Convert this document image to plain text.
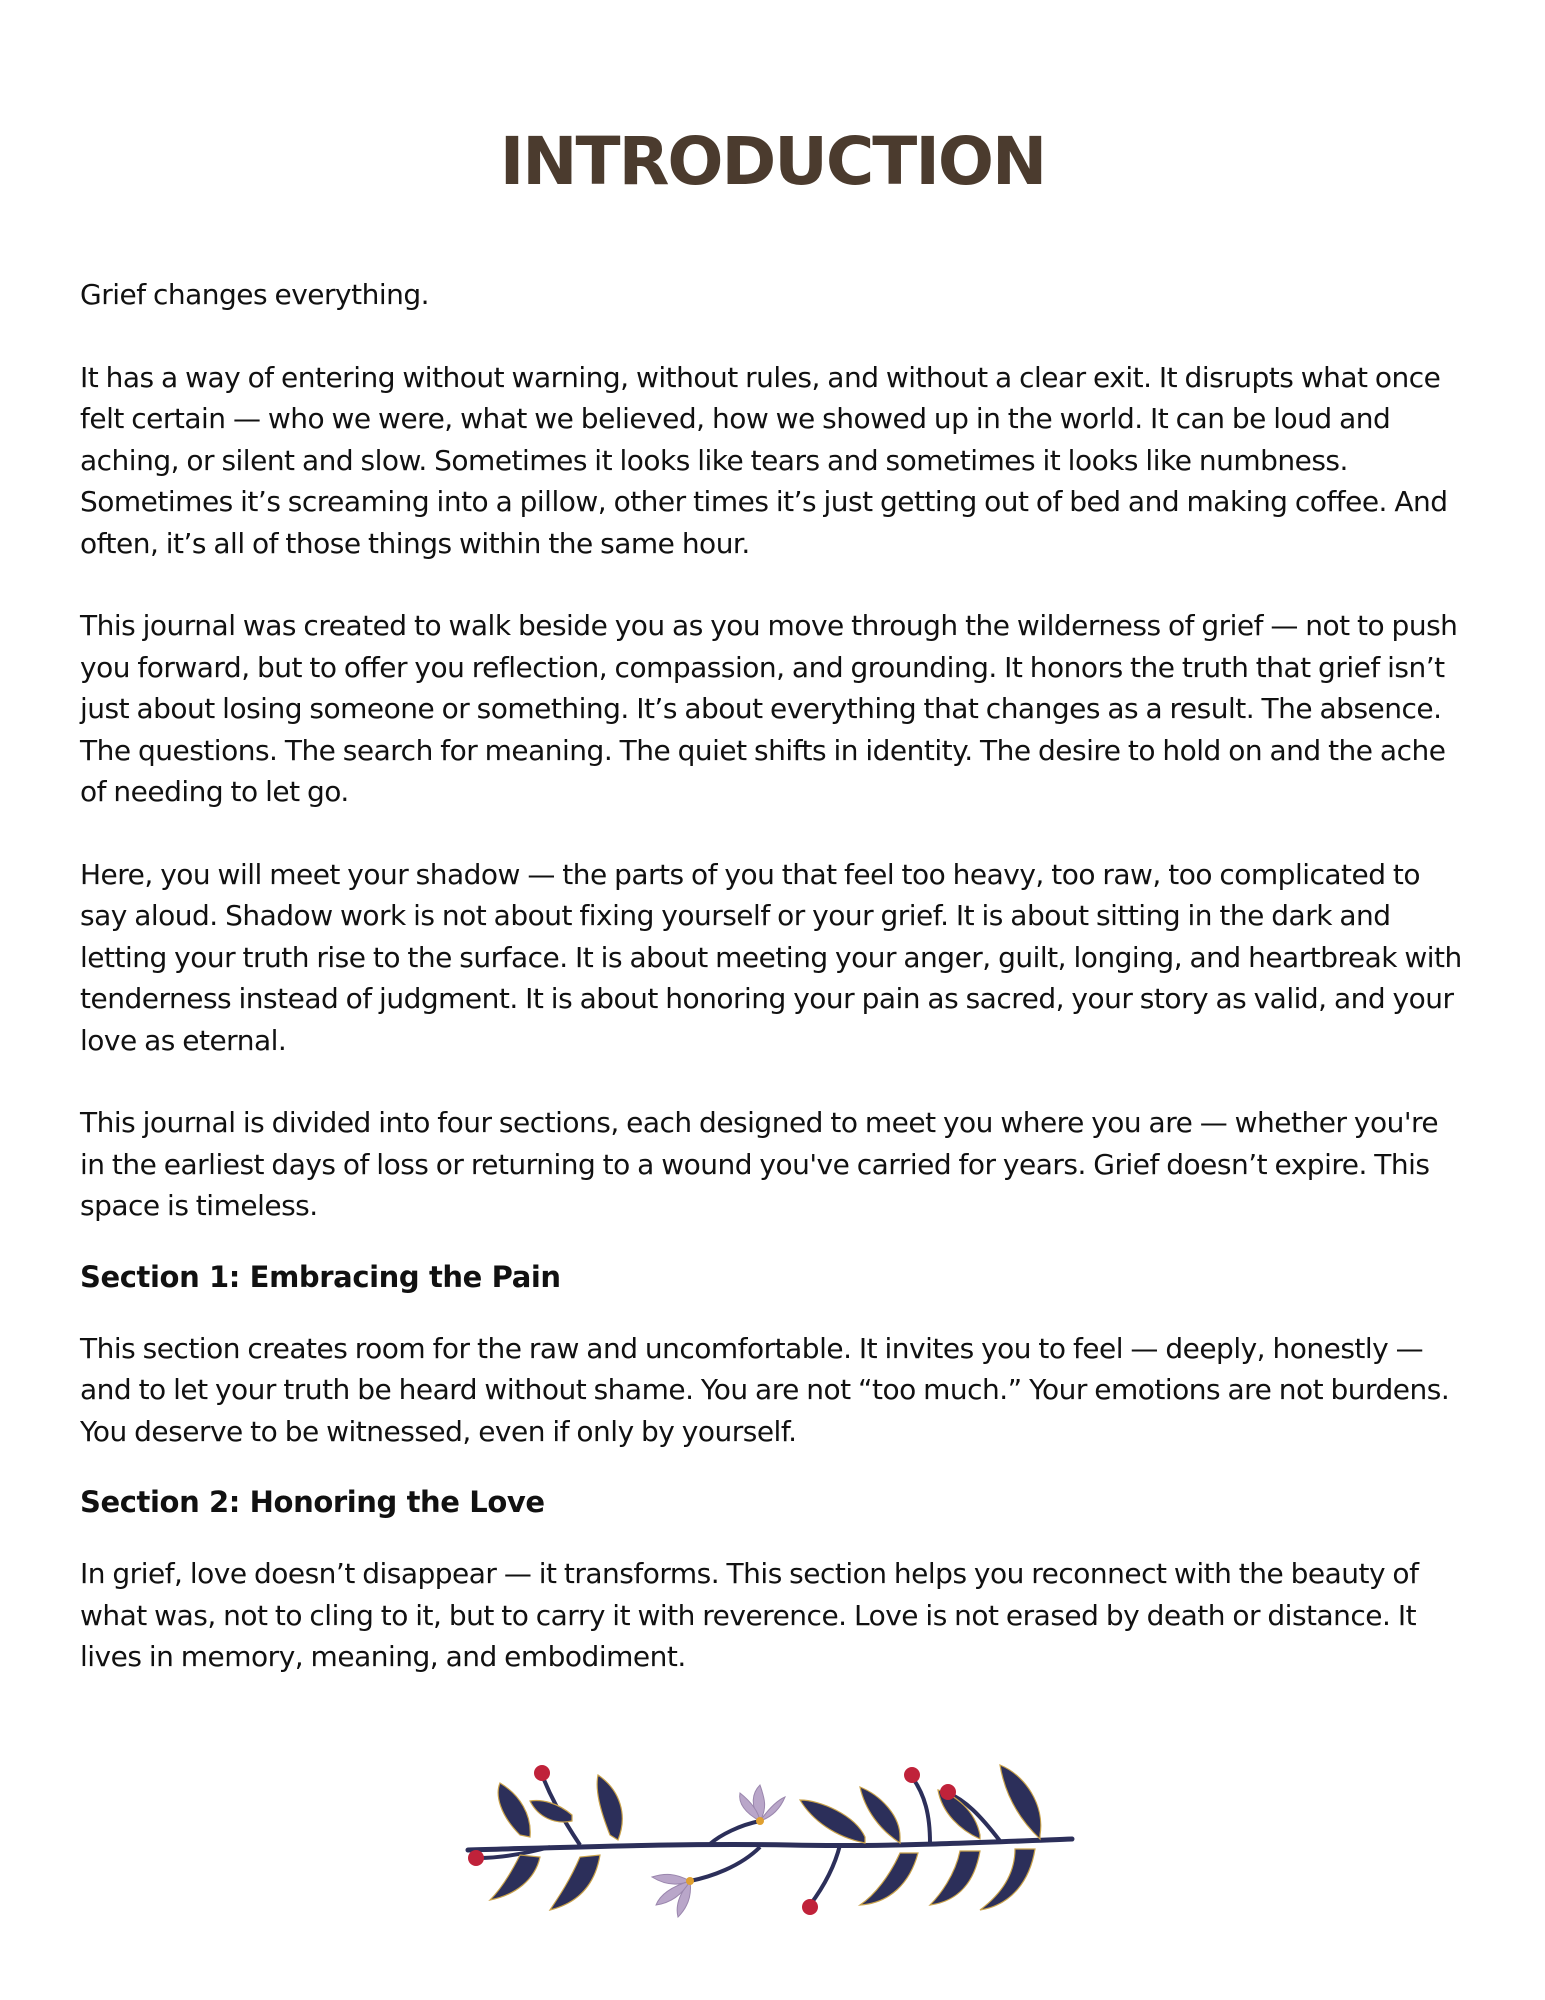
INTRODUCTION

Grief changes everything.

It has a way of entering without warning, without rules, and without a clear exit. It disrupts what once felt certain — who we were, what we believed, how we showed up in the world. It can be loud and aching, or silent and slow. Sometimes it looks like tears and sometimes it looks like numbness. Sometimes it’s screaming into a pillow, other times it’s just getting out of bed and making coffee. And often, it’s all of those things within the same hour.

This journal was created to walk beside you as you move through the wilderness of grief — not to push you forward, but to offer you reflection, compassion, and grounding. It honors the truth that grief isn’t just about losing someone or something. It’s about everything that changes as a result. The absence. The questions. The search for meaning. The quiet shifts in identity. The desire to hold on and the ache of needing to let go.

Here, you will meet your shadow — the parts of you that feel too heavy, too raw, too complicated to say aloud. Shadow work is not about fixing yourself or your grief. It is about sitting in the dark and letting your truth rise to the surface. It is about meeting your anger, guilt, longing, and heartbreak with tenderness instead of judgment. It is about honoring your pain as sacred, your story as valid, and your love as eternal.

This journal is divided into four sections, each designed to meet you where you are — whether you're in the earliest days of loss or returning to a wound you've carried for years. Grief doesn’t expire. This space is timeless.

Section 1: Embracing the Pain

This section creates room for the raw and uncomfortable. It invites you to feel — deeply, honestly — and to let your truth be heard without shame. You are not “too much.” Your emotions are not burdens. You deserve to be witnessed, even if only by yourself.

Section 2: Honoring the Love

In grief, love doesn’t disappear — it transforms. This section helps you reconnect with the beauty of what was, not to cling to it, but to carry it with reverence. Love is not erased by death or distance. It lives in memory, meaning, and embodiment.
